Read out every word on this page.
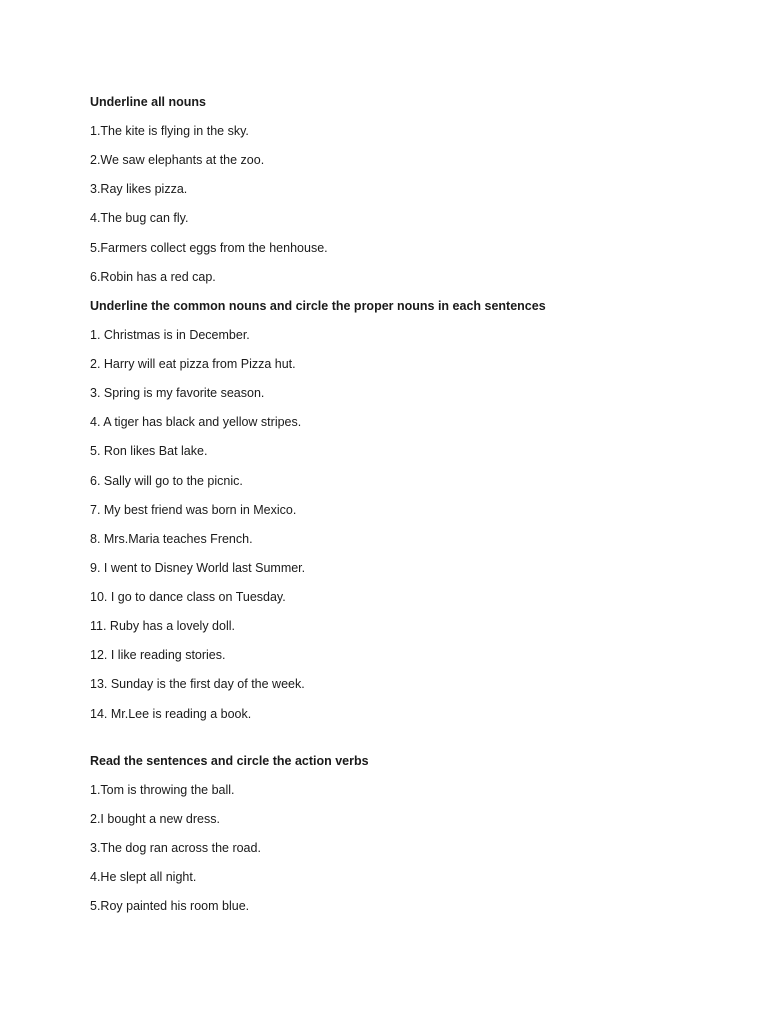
Underline all nouns
1.The kite is flying in the sky.
2.We saw elephants at the zoo.
3.Ray likes pizza.
4.The bug can fly.
5.Farmers collect eggs from the henhouse.
6.Robin has a red cap.
Underline the common nouns and circle the proper nouns in each sentences
1. Christmas is in December.
2. Harry will eat pizza from Pizza hut.
3. Spring is my favorite season.
4. A tiger has black and yellow stripes.
5. Ron likes Bat lake.
6. Sally will go to the picnic.
7. My best friend was born in Mexico.
8. Mrs.Maria teaches French.
9. I went to Disney World last Summer.
10. I go to dance class on Tuesday.
11. Ruby has a lovely doll.
12. I like reading stories.
13. Sunday is the first day of the week.
14. Mr.Lee is reading a book.
Read the sentences and circle the action verbs
1.Tom is throwing the ball.
2.I bought a new dress.
3.The dog ran across the road.
4.He slept all night.
5.Roy painted his room blue.
